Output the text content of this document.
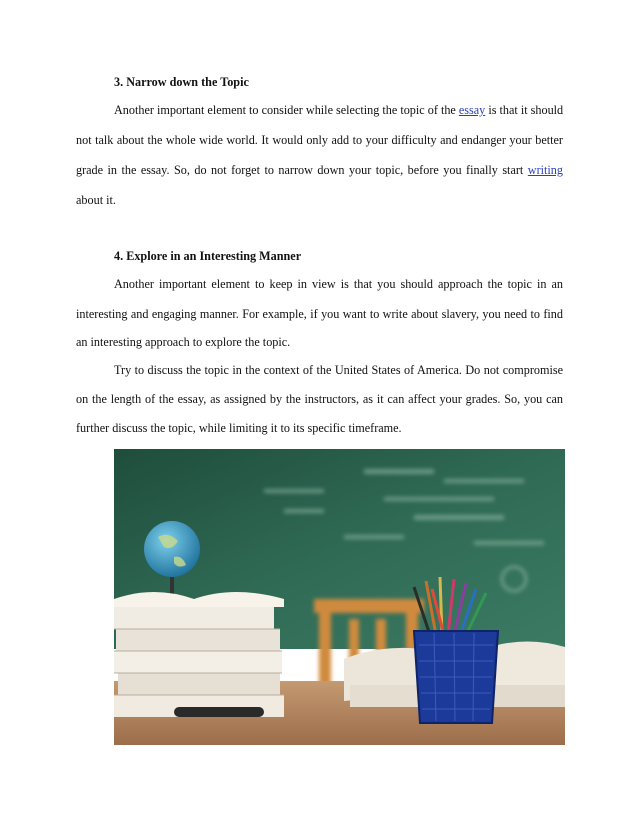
3. Narrow down the Topic
Another important element to consider while selecting the topic of the essay is that it should
not talk about the whole wide world. It would only add to your difficulty and endanger your better
grade in the essay. So, do not forget to narrow down your topic, before you finally start writing
about it.
4. Explore in an Interesting Manner
Another important element to keep in view is that you should approach the topic in an
interesting and engaging manner. For example, if you want to write about slavery, you need to find
an interesting approach to explore the topic.
Try to discuss the topic in the context of the United States of America. Do not compromise
on the length of the essay, as assigned by the instructors, as it can affect your grades. So, you can
further discuss the topic, while limiting it to its specific timeframe.
